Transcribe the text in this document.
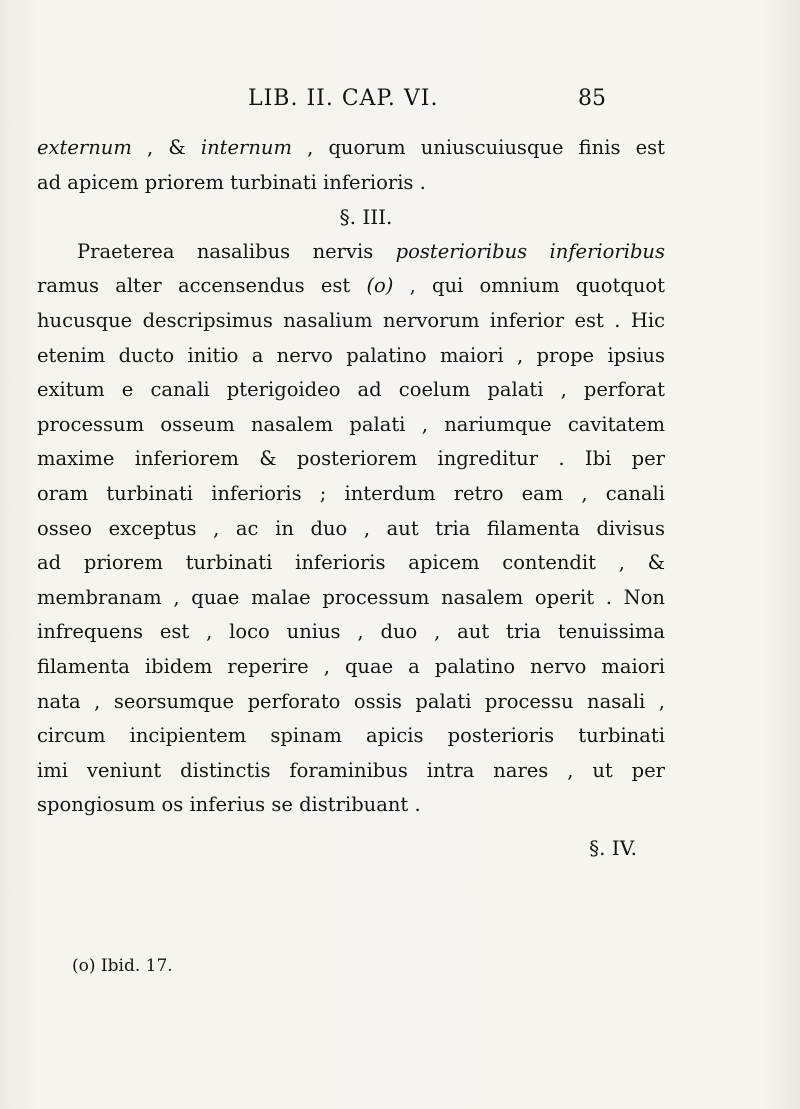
LIB. II. CAP. VI.	85
externum , & internum , quorum uniuscuiusque finis est
ad apicem priorem turbinati inferioris .
§. III.
Praeterea nasalibus nervis posterioribus inferioribus
ramus alter accensendus est (o) , qui omnium quotquot
hucusque descripsimus nasalium nervorum inferior est . Hic
etenim ducto initio a nervo palatino maiori , prope ipsius
exitum e canali pterigoideo ad coelum palati , perforat
processum osseum nasalem palati , nariumque cavitatem
maxime inferiorem & posteriorem ingreditur . Ibi per
oram turbinati inferioris ; interdum retro eam , canali
osseo exceptus , ac in duo , aut tria filamenta divisus
ad priorem turbinati inferioris apicem contendit , &
membranam , quae malae processum nasalem operit . Non
infrequens est , loco unius , duo , aut tria tenuissima
filamenta ibidem reperire , quae a palatino nervo maiori
nata , seorsumque perforato ossis palati processu nasali ,
circum incipientem spinam apicis posterioris turbinati
imi veniunt distinctis foraminibus intra nares , ut per
spongiosum os inferius se distribuant .
§. IV.
(o) Ibid. 17.
